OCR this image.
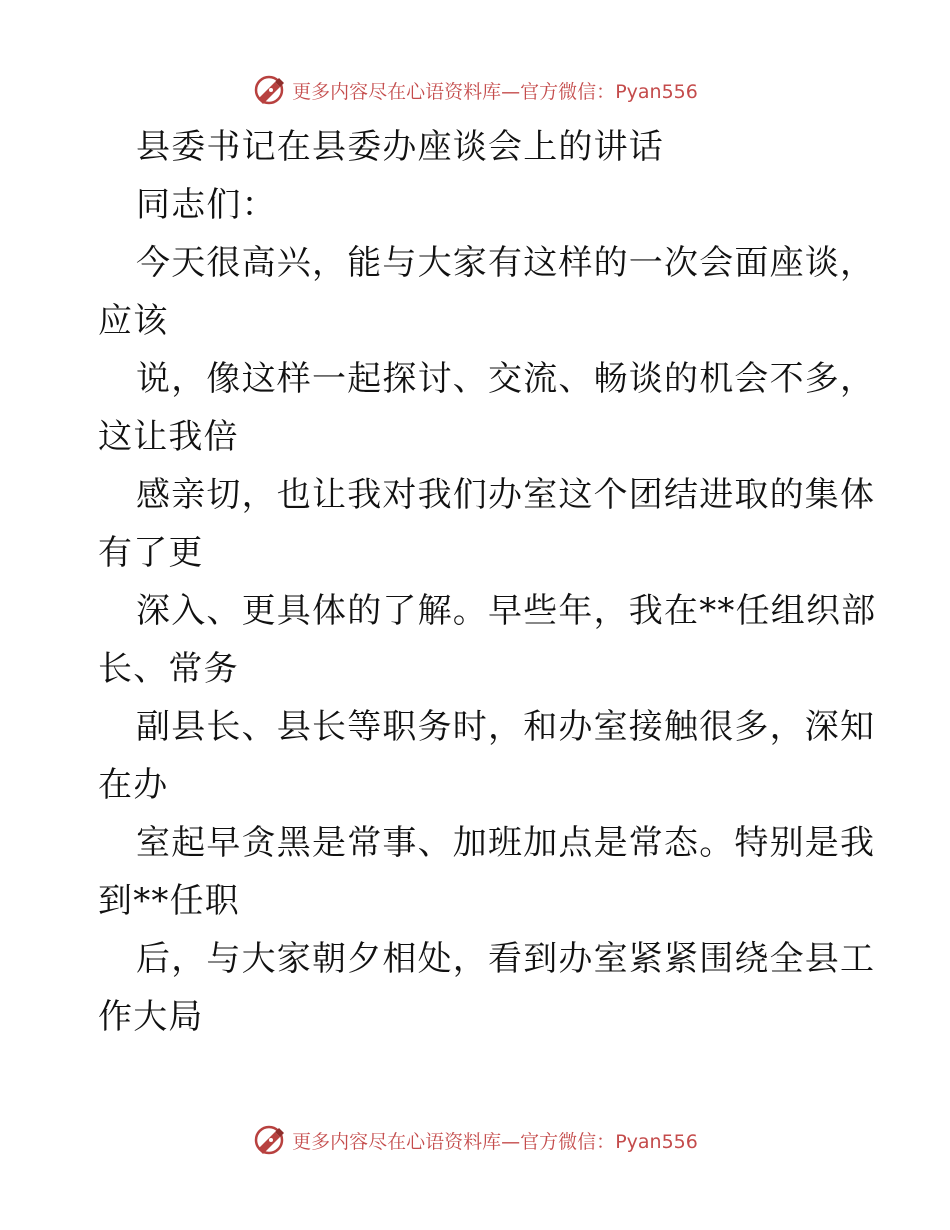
更多内容尽在心语资料库—官方微信：Pyan556
县委书记在县委办座谈会上的讲话
同志们：
今天很高兴，能与大家有这样的一次会面座谈，
应该
说，像这样一起探讨、交流、畅谈的机会不多，
这让我倍
感亲切，也让我对我们办室这个团结进取的集体
有了更
深入、更具体的了解。早些年，我在**任组织部
长、常务
副县长、县长等职务时，和办室接触很多，深知
在办
室起早贪黑是常事、加班加点是常态。特别是我
到**任职
后，与大家朝夕相处，看到办室紧紧围绕全县工
作大局
更多内容尽在心语资料库—官方微信：Pyan556
